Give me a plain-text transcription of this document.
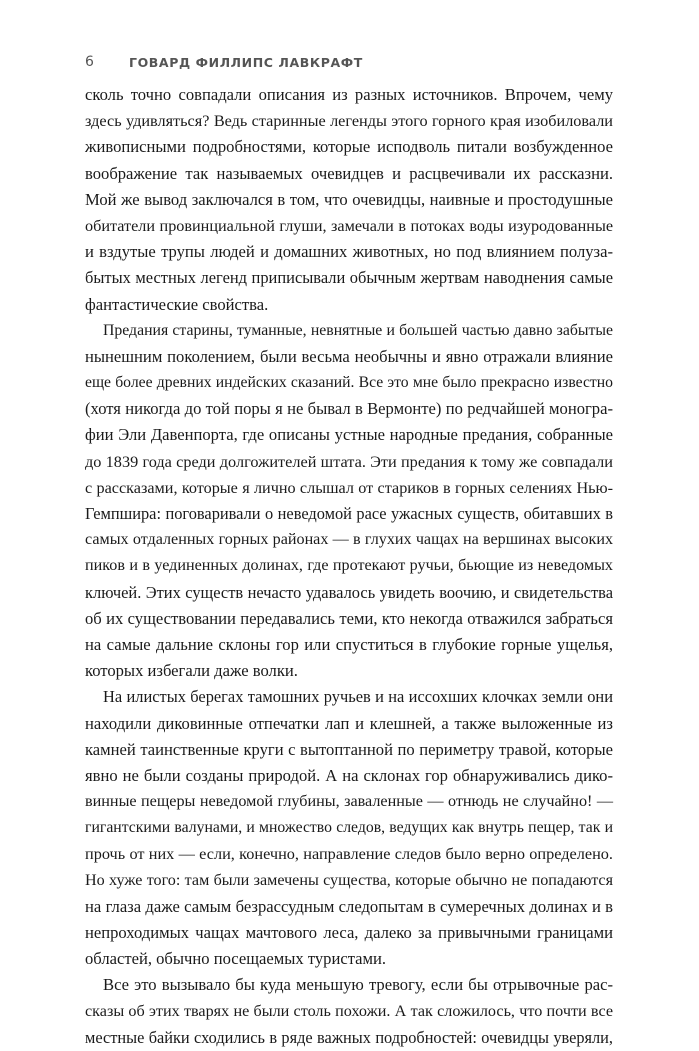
6	ГОВАРД ФИЛЛИПС ЛАВКРАФТ
сколь точно совпадали описания из разных источников. Впрочем, чему
здесь удивляться? Ведь старинные легенды этого горного края изобиловали
живописными подробностями, которые исподволь питали возбужденное
воображение так называемых очевидцев и расцвечивали их рассказни.
Мой же вывод заключался в том, что очевидцы, наивные и простодушные
обитатели провинциальной глуши, замечали в потоках воды изуродованные
и вздутые трупы людей и домашних животных, но под влиянием полуза-
бытых местных легенд приписывали обычным жертвам наводнения самые
фантастические свойства.
Предания старины, туманные, невнятные и большей частью давно забытые
нынешним поколением, были весьма необычны и явно отражали влияние
еще более древних индейских сказаний. Все это мне было прекрасно известно
(хотя никогда до той поры я не бывал в Вермонте) по редчайшей моногра-
фии Эли Давенпорта, где описаны устные народные предания, собранные
до 1839 года среди долгожителей штата. Эти предания к тому же совпадали
с рассказами, которые я лично слышал от стариков в горных селениях Нью-
Гемпшира: поговаривали о неведомой расе ужасных существ, обитавших в
самых отдаленных горных районах — в глухих чащах на вершинах высоких
пиков и в уединенных долинах, где протекают ручьи, бьющие из неведомых
ключей. Этих существ нечасто удавалось увидеть воочию, и свидетельства
об их существовании передавались теми, кто некогда отважился забраться
на самые дальние склоны гор или спуститься в глубокие горные ущелья,
которых избегали даже волки.
На илистых берегах тамошних ручьев и на иссохших клочках земли они
находили диковинные отпечатки лап и клешней, а также выложенные из
камней таинственные круги с вытоптанной по периметру травой, которые
явно не были созданы природой. А на склонах гор обнаруживались дико-
винные пещеры неведомой глубины, заваленные — отнюдь не случайно! —
гигантскими валунами, и множество следов, ведущих как внутрь пещер, так и
прочь от них — если, конечно, направление следов было верно определено.
Но хуже того: там были замечены существа, которые обычно не попадаются
на глаза даже самым безрассудным следопытам в сумеречных долинах и в
непроходимых чащах мачтового леса, далеко за привычными границами
областей, обычно посещаемых туристами.
Все это вызывало бы куда меньшую тревогу, если бы отрывочные рас-
сказы об этих тварях не были столь похожи. А так сложилось, что почти все
местные байки сходились в ряде важных подробностей: очевидцы уверяли,
